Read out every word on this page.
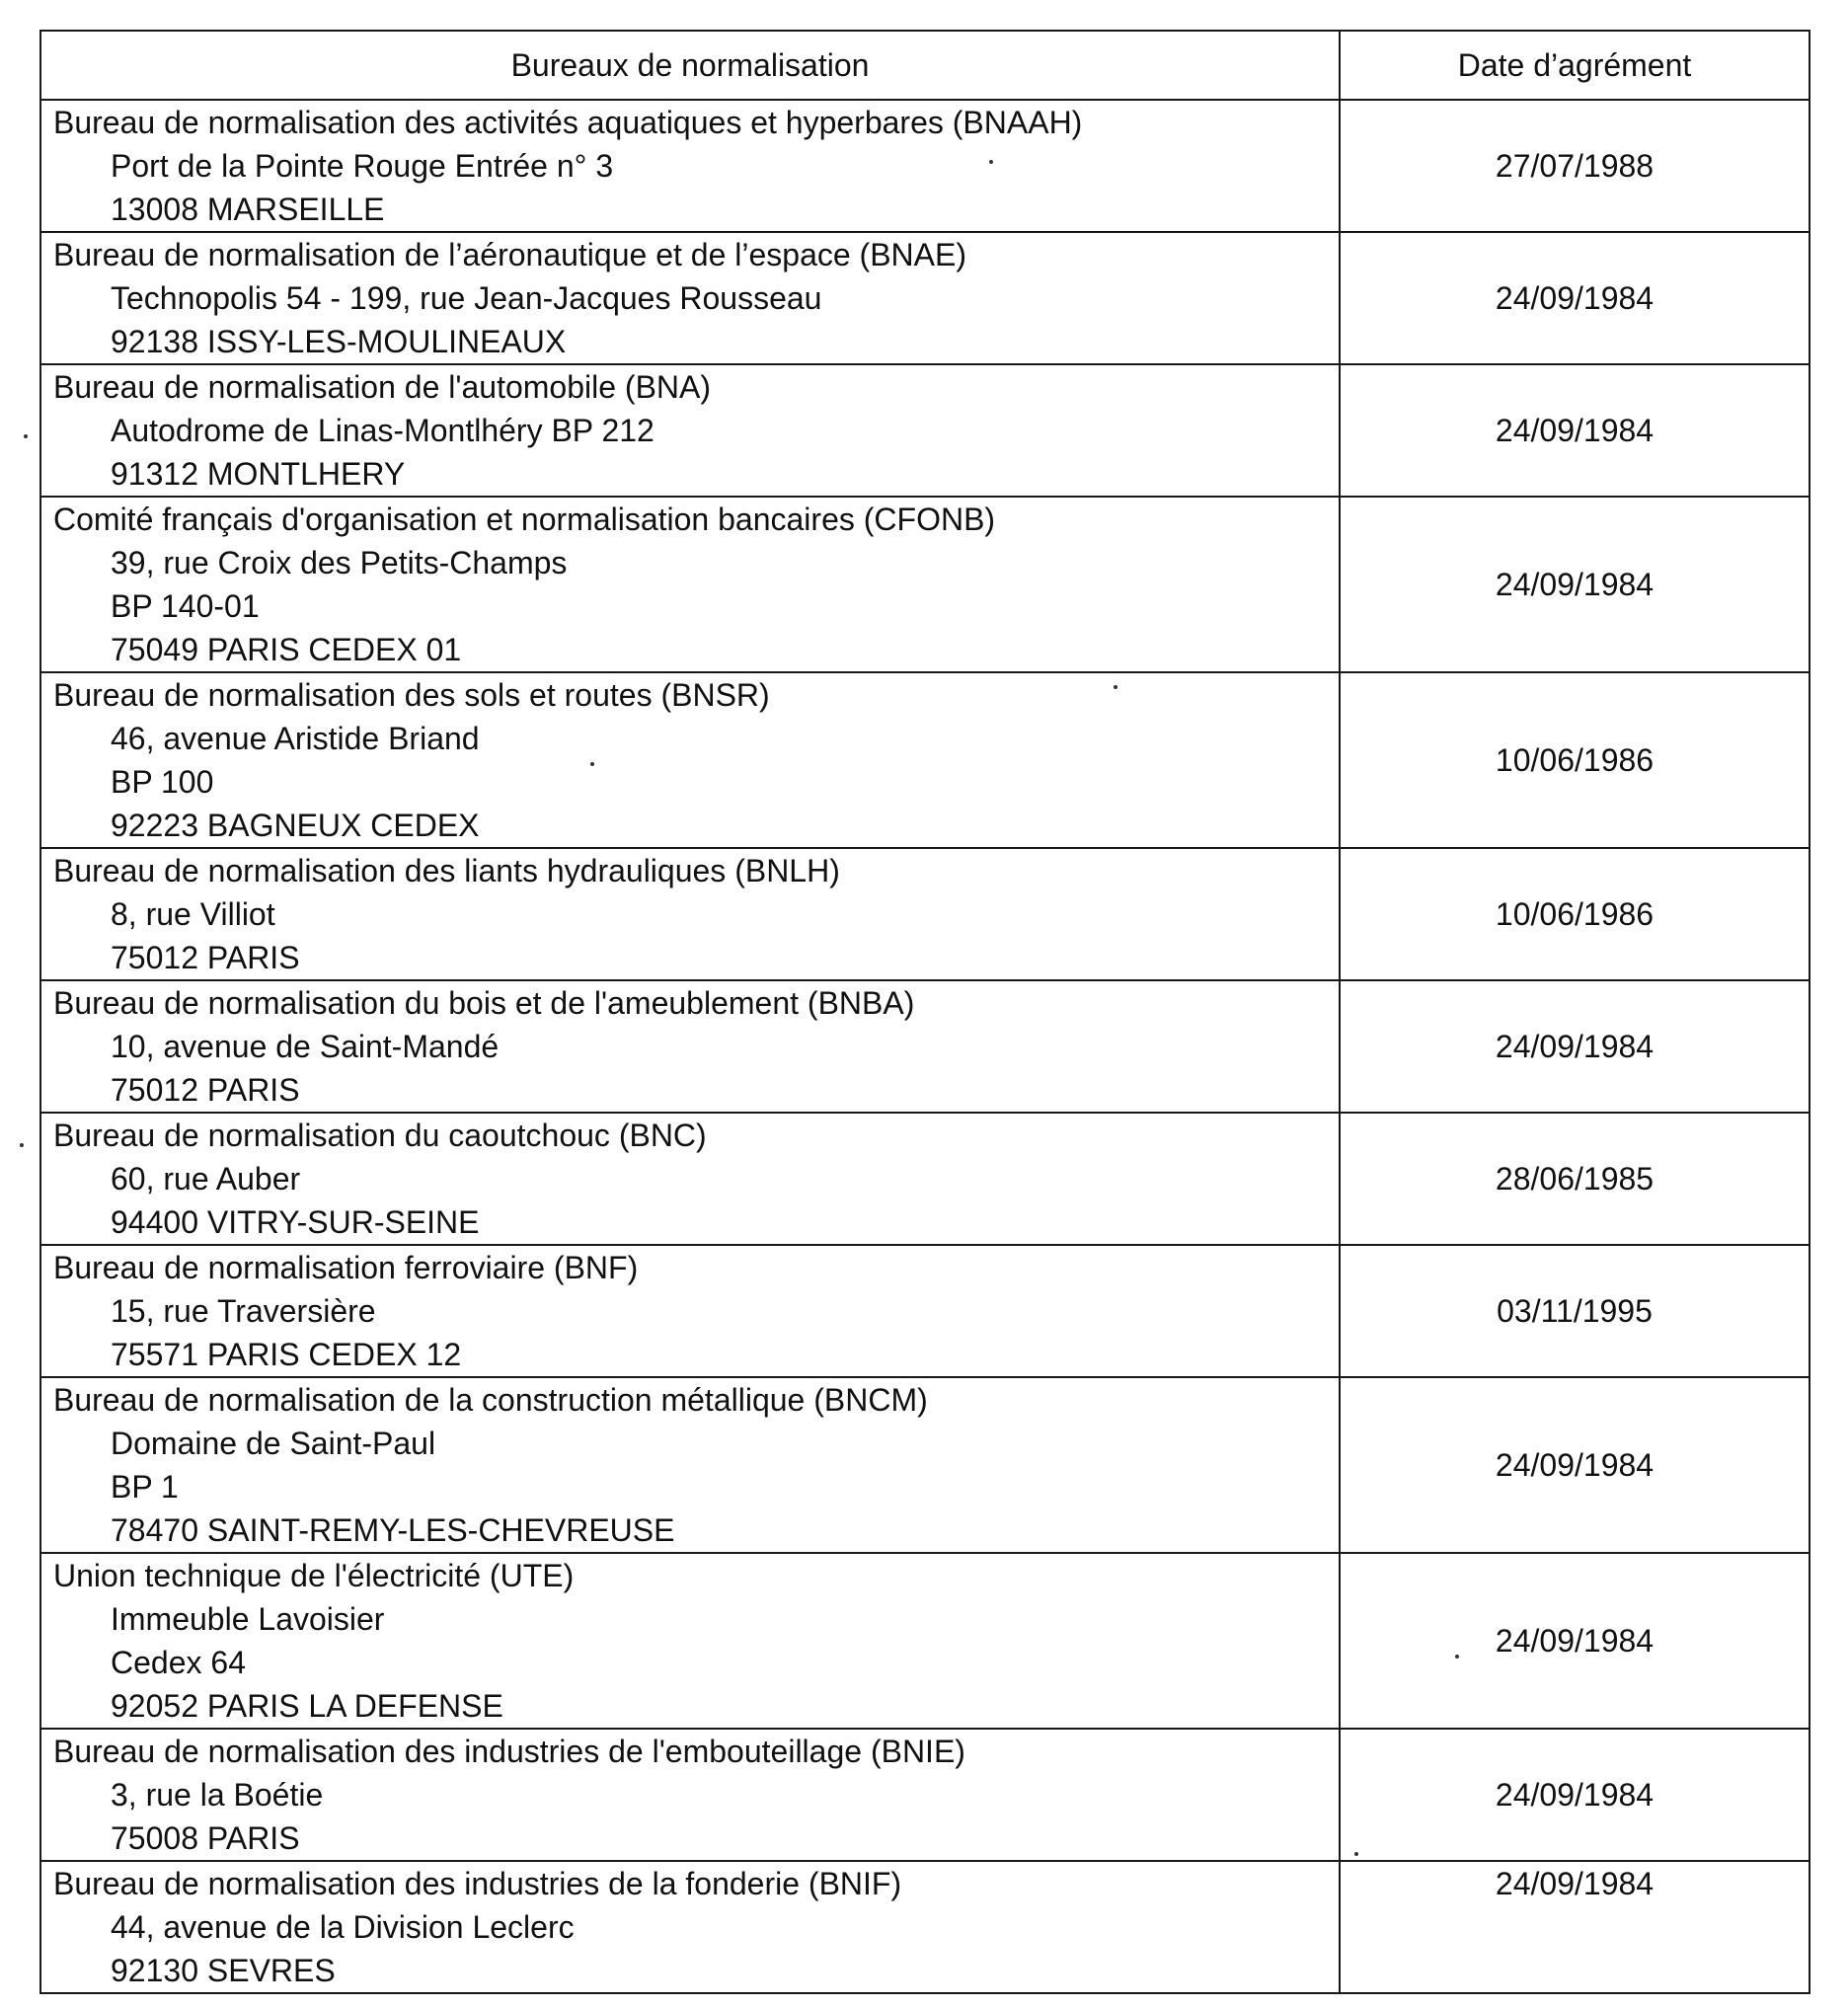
Bureaux de normalisation	Date d’agrément

Bureau de normalisation des activités aquatiques et hyperbares (BNAAH)
Port de la Pointe Rouge Entrée n° 3
13008 MARSEILLE	27/07/1988

Bureau de normalisation de l’aéronautique et de l’espace (BNAE)
Technopolis 54 - 199, rue Jean-Jacques Rousseau
92138 ISSY-LES-MOULINEAUX	24/09/1984

Bureau de normalisation de l'automobile (BNA)
Autodrome de Linas-Montlhéry BP 212
91312 MONTLHERY	24/09/1984

Comité français d'organisation et normalisation bancaires (CFONB)
39, rue Croix des Petits-Champs
BP 140-01
75049 PARIS CEDEX 01	24/09/1984

Bureau de normalisation des sols et routes (BNSR)
46, avenue Aristide Briand
BP 100
92223 BAGNEUX CEDEX	10/06/1986

Bureau de normalisation des liants hydrauliques (BNLH)
8, rue Villiot
75012 PARIS	10/06/1986

Bureau de normalisation du bois et de l'ameublement (BNBA)
10, avenue de Saint-Mandé
75012 PARIS	24/09/1984

Bureau de normalisation du caoutchouc (BNC)
60, rue Auber
94400 VITRY-SUR-SEINE	28/06/1985

Bureau de normalisation ferroviaire (BNF)
15, rue Traversière
75571 PARIS CEDEX 12	03/11/1995

Bureau de normalisation de la construction métallique (BNCM)
Domaine de Saint-Paul
BP 1
78470 SAINT-REMY-LES-CHEVREUSE	24/09/1984

Union technique de l'électricité (UTE)
Immeuble Lavoisier
Cedex 64
92052 PARIS LA DEFENSE	24/09/1984

Bureau de normalisation des industries de l'embouteillage (BNIE)
3, rue la Boétie
75008 PARIS	24/09/1984

Bureau de normalisation des industries de la fonderie (BNIF)
44, avenue de la Division Leclerc
92130 SEVRES	24/09/1984
